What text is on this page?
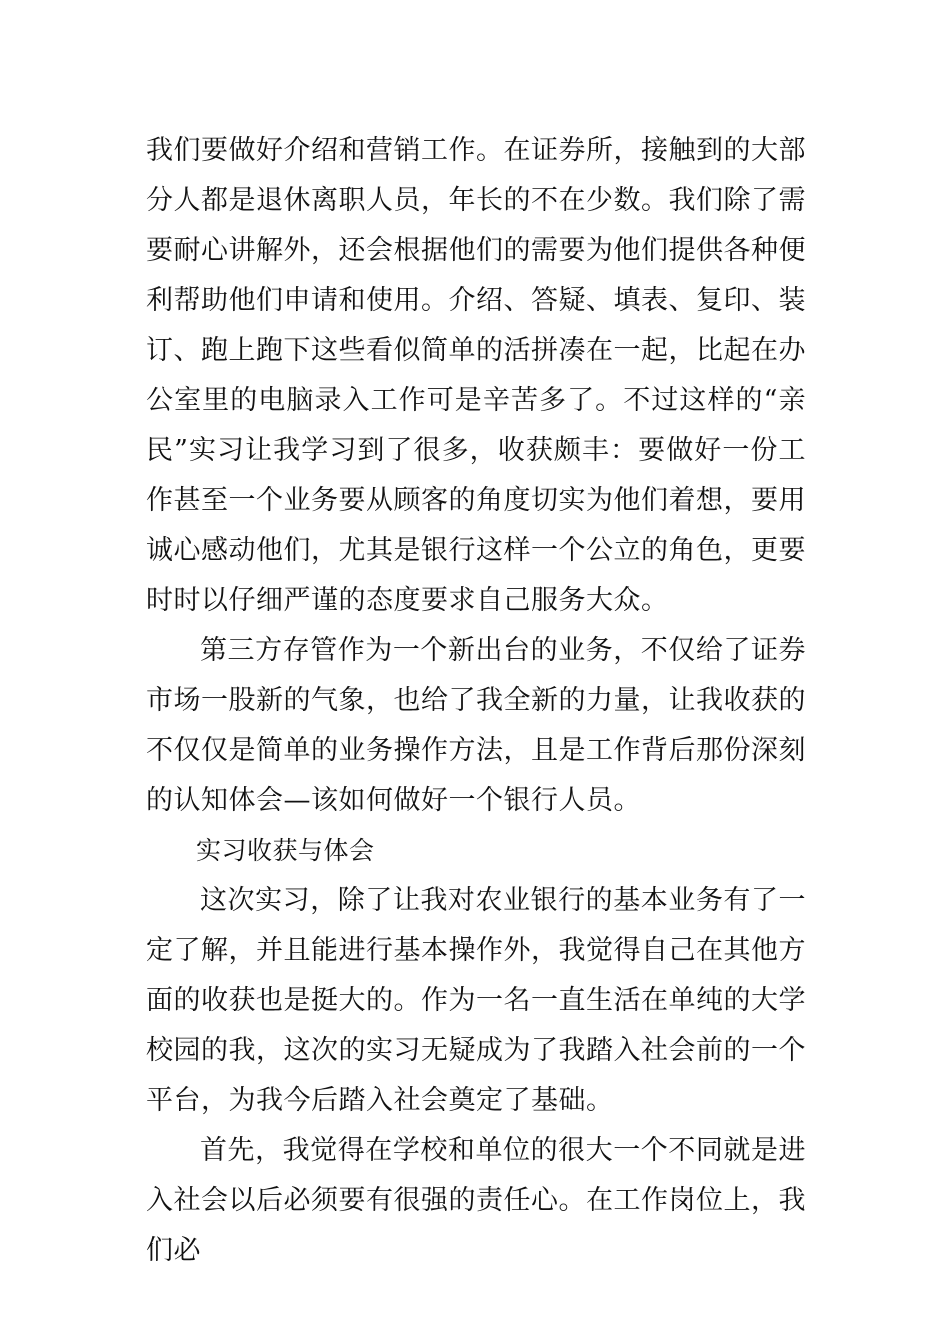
我们要做好介绍和营销工作。在证券所，接触到的大部分人都是退休离职人员，年长的不在少数。我们除了需要耐心讲解外，还会根据他们的需要为他们提供各种便利帮助他们申请和使用。介绍、答疑、填表、复印、装订、跑上跑下这些看似简单的活拼凑在一起，比起在办公室里的电脑录入工作可是辛苦多了。不过这样的“亲民”实习让我学习到了很多，收获颇丰：要做好一份工作甚至一个业务要从顾客的角度切实为他们着想，要用诚心感动他们，尤其是银行这样一个公立的角色，更要时时以仔细严谨的态度要求自己服务大众。

第三方存管作为一个新出台的业务，不仅给了证券市场一股新的气象，也给了我全新的力量，让我收获的不仅仅是简单的业务操作方法，且是工作背后那份深刻的认知体会—该如何做好一个银行人员。

实习收获与体会

这次实习，除了让我对农业银行的基本业务有了一定了解，并且能进行基本操作外，我觉得自己在其他方面的收获也是挺大的。作为一名一直生活在单纯的大学校园的我，这次的实习无疑成为了我踏入社会前的一个平台，为我今后踏入社会奠定了基础。

首先，我觉得在学校和单位的很大一个不同就是进入社会以后必须要有很强的责任心。在工作岗位上，我们必
